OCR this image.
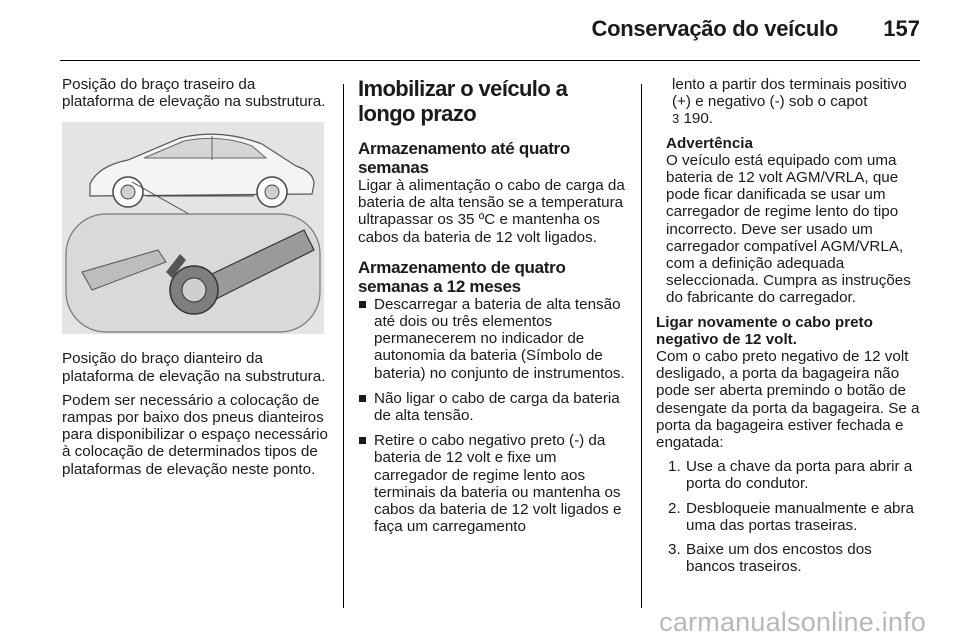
Conservação do veículo 157

Posição do braço traseiro da plataforma de elevação na substrutura.

Posição do braço dianteiro da plataforma de elevação na substrutura.

Podem ser necessário a colocação de rampas por baixo dos pneus dianteiros para disponibilizar o espaço necessário à colocação de determinados tipos de plataformas de elevação neste ponto.

Imobilizar o veículo a longo prazo
Armazenamento até quatro semanas

Ligar à alimentação o cabo de carga da bateria de alta tensão se a temperatura ultrapassar os 35 ºC e mantenha os cabos da bateria de 12 volt ligados.

Armazenamento de quatro semanas a 12 meses
Descarregar a bateria de alta tensão até dois ou três elementos permanecerem no indicador de autonomia da bateria (Símbolo de bateria) no conjunto de instrumentos.
Não ligar o cabo de carga da bateria de alta tensão.
Retire o cabo negativo preto (-) da bateria de 12 volt e fixe um carregador de regime lento aos terminais da bateria ou mantenha os cabos da bateria de 12 volt ligados e faça um carregamento

lento a partir dos terminais positivo (+) e negativo (-) sob o capot
3 190.

Advertência
O veículo está equipado com uma bateria de 12 volt AGM/VRLA, que pode ficar danificada se usar um carregador de regime lento do tipo incorrecto. Deve ser usado um carregador compatível AGM/VRLA, com a definição adequada seleccionada. Cumpra as instruções do fabricante do carregador.
Ligar novamente o cabo preto negativo de 12 volt.

Com o cabo preto negativo de 12 volt desligado, a porta da bagageira não pode ser aberta premindo o botão de desengate da porta da bagageira. Se a porta da bagageira estiver fechada e engatada:

1. Use a chave da porta para abrir a porta do condutor.
2. Desbloqueie manualmente e abra uma das portas traseiras.
3. Baixe um dos encostos dos bancos traseiros.
carmanualsonline.info
